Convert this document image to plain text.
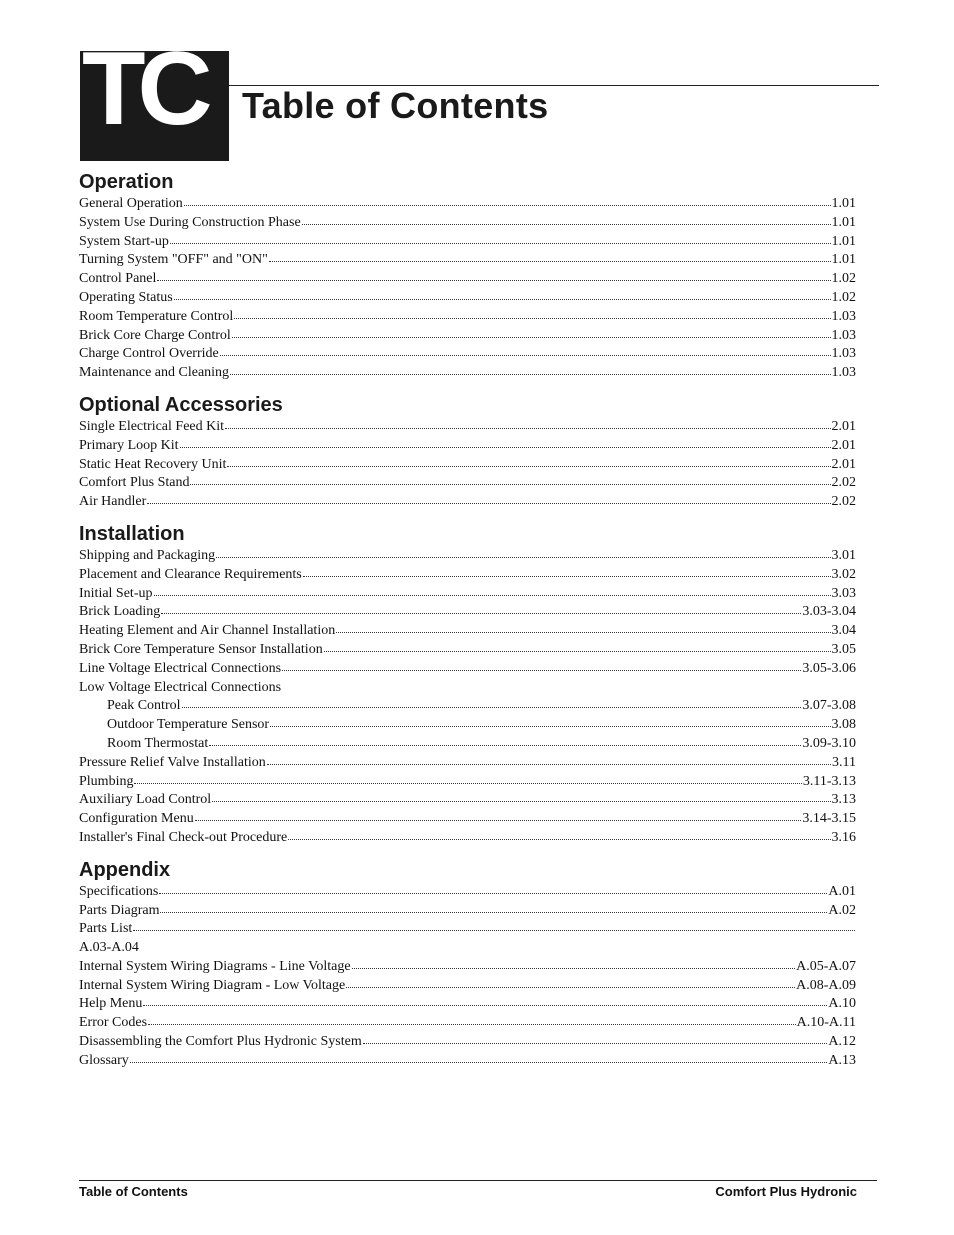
TC Table of Contents
Operation
General Operation	1.01
System Use During Construction Phase	1.01
System Start-up	1.01
Turning System "OFF" and "ON"	1.01
Control Panel	1.02
Operating Status	1.02
Room Temperature Control	1.03
Brick Core Charge Control	1.03
Charge Control Override	1.03
Maintenance and Cleaning	1.03
Optional Accessories
Single Electrical Feed Kit	2.01
Primary Loop Kit	2.01
Static Heat Recovery Unit	2.01
Comfort Plus Stand	2.02
Air Handler	2.02
Installation
Shipping and Packaging	3.01
Placement and Clearance Requirements	3.02
Initial Set-up	3.03
Brick Loading	3.03-3.04
Heating Element and Air Channel Installation	3.04
Brick Core Temperature Sensor Installation	3.05
Line Voltage Electrical Connections	3.05-3.06
Low Voltage Electrical Connections
Peak Control	3.07-3.08
Outdoor Temperature Sensor	3.08
Room Thermostat	3.09-3.10
Pressure Relief Valve Installation	3.11
Plumbing	3.11-3.13
Auxiliary Load Control	3.13
Configuration Menu	3.14-3.15
Installer's Final Check-out Procedure	3.16
Appendix
Specifications	A.01
Parts Diagram	A.02
Parts List
A.03-A.04
Internal System Wiring Diagrams - Line Voltage	A.05-A.07
Internal System Wiring Diagram - Low Voltage	A.08-A.09
Help Menu	A.10
Error Codes	A.10-A.11
Disassembling the Comfort Plus Hydronic System	A.12
Glossary	A.13
Table of Contents	Comfort Plus Hydronic
